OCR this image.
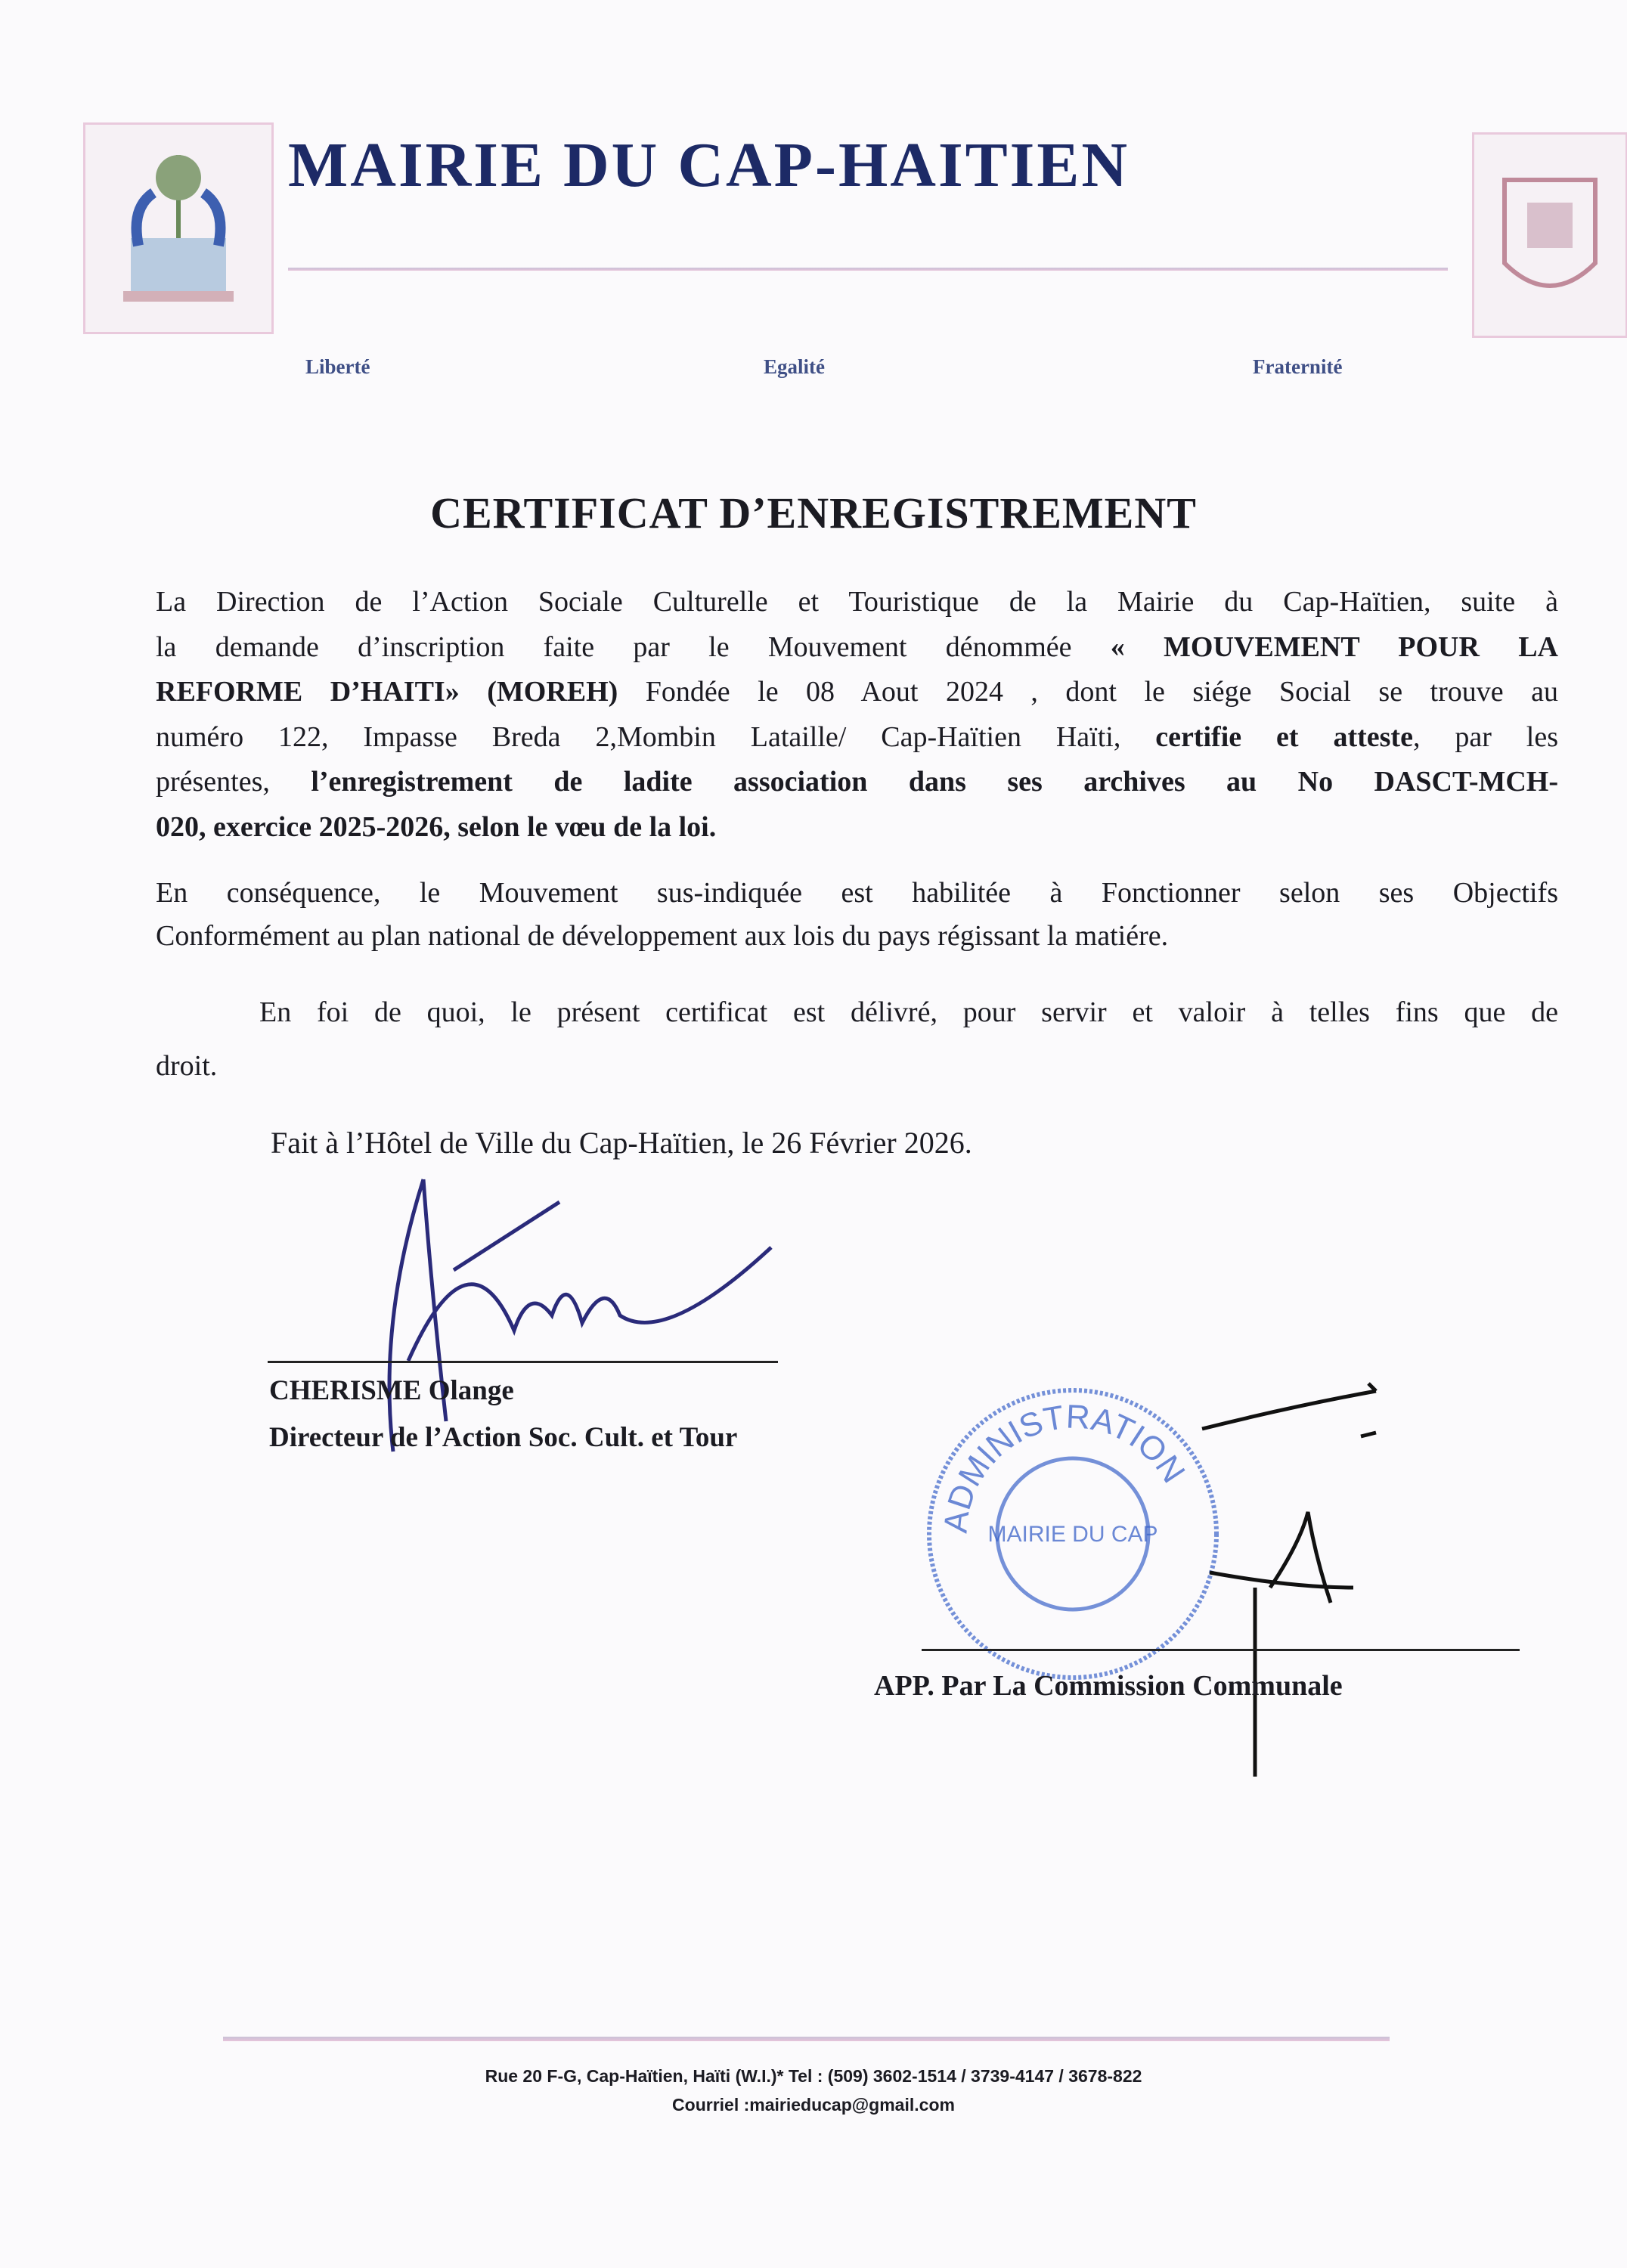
MAIRIE DU CAP-HAITIEN
Liberté	Egalité	Fraternité
CERTIFICAT D’ENREGISTREMENT
La Direction de l’Action Sociale Culturelle et Touristique de la Mairie du Cap-Haïtien, suite à
la demande d’inscription faite par le Mouvement dénommée « MOUVEMENT POUR LA
REFORME D’HAITI» (MOREH) Fondée le 08 Aout 2024 , dont le siége Social se trouve au
numéro 122, Impasse Breda 2,Mombin Lataille/ Cap-Haïtien Haïti, certifie et atteste, par les
présentes, l’enregistrement de ladite association dans ses archives au No DASCT-MCH-
020, exercice 2025-2026, selon le vœu de la loi.
En conséquence, le Mouvement sus-indiquée est habilitée à Fonctionner selon ses Objectifs
Conformément au plan national de développement aux lois du pays régissant la matiére.
En foi de quoi, le présent certificat est délivré, pour servir et valoir à telles fins que de
droit.
Fait à l’Hôtel de Ville du Cap-Haïtien, le 26 Février 2026.
CHERISME Olange
Directeur de l’Action Soc. Cult. et Tour
ADMINISTRATION
MAIRIE DU CAP
APP. Par La Commission Communale
Rue 20 F-G, Cap-Haïtien, Haïti (W.I.)* Tel : (509) 3602-1514 / 3739-4147 / 3678-822
Courriel :mairieducap@gmail.com
